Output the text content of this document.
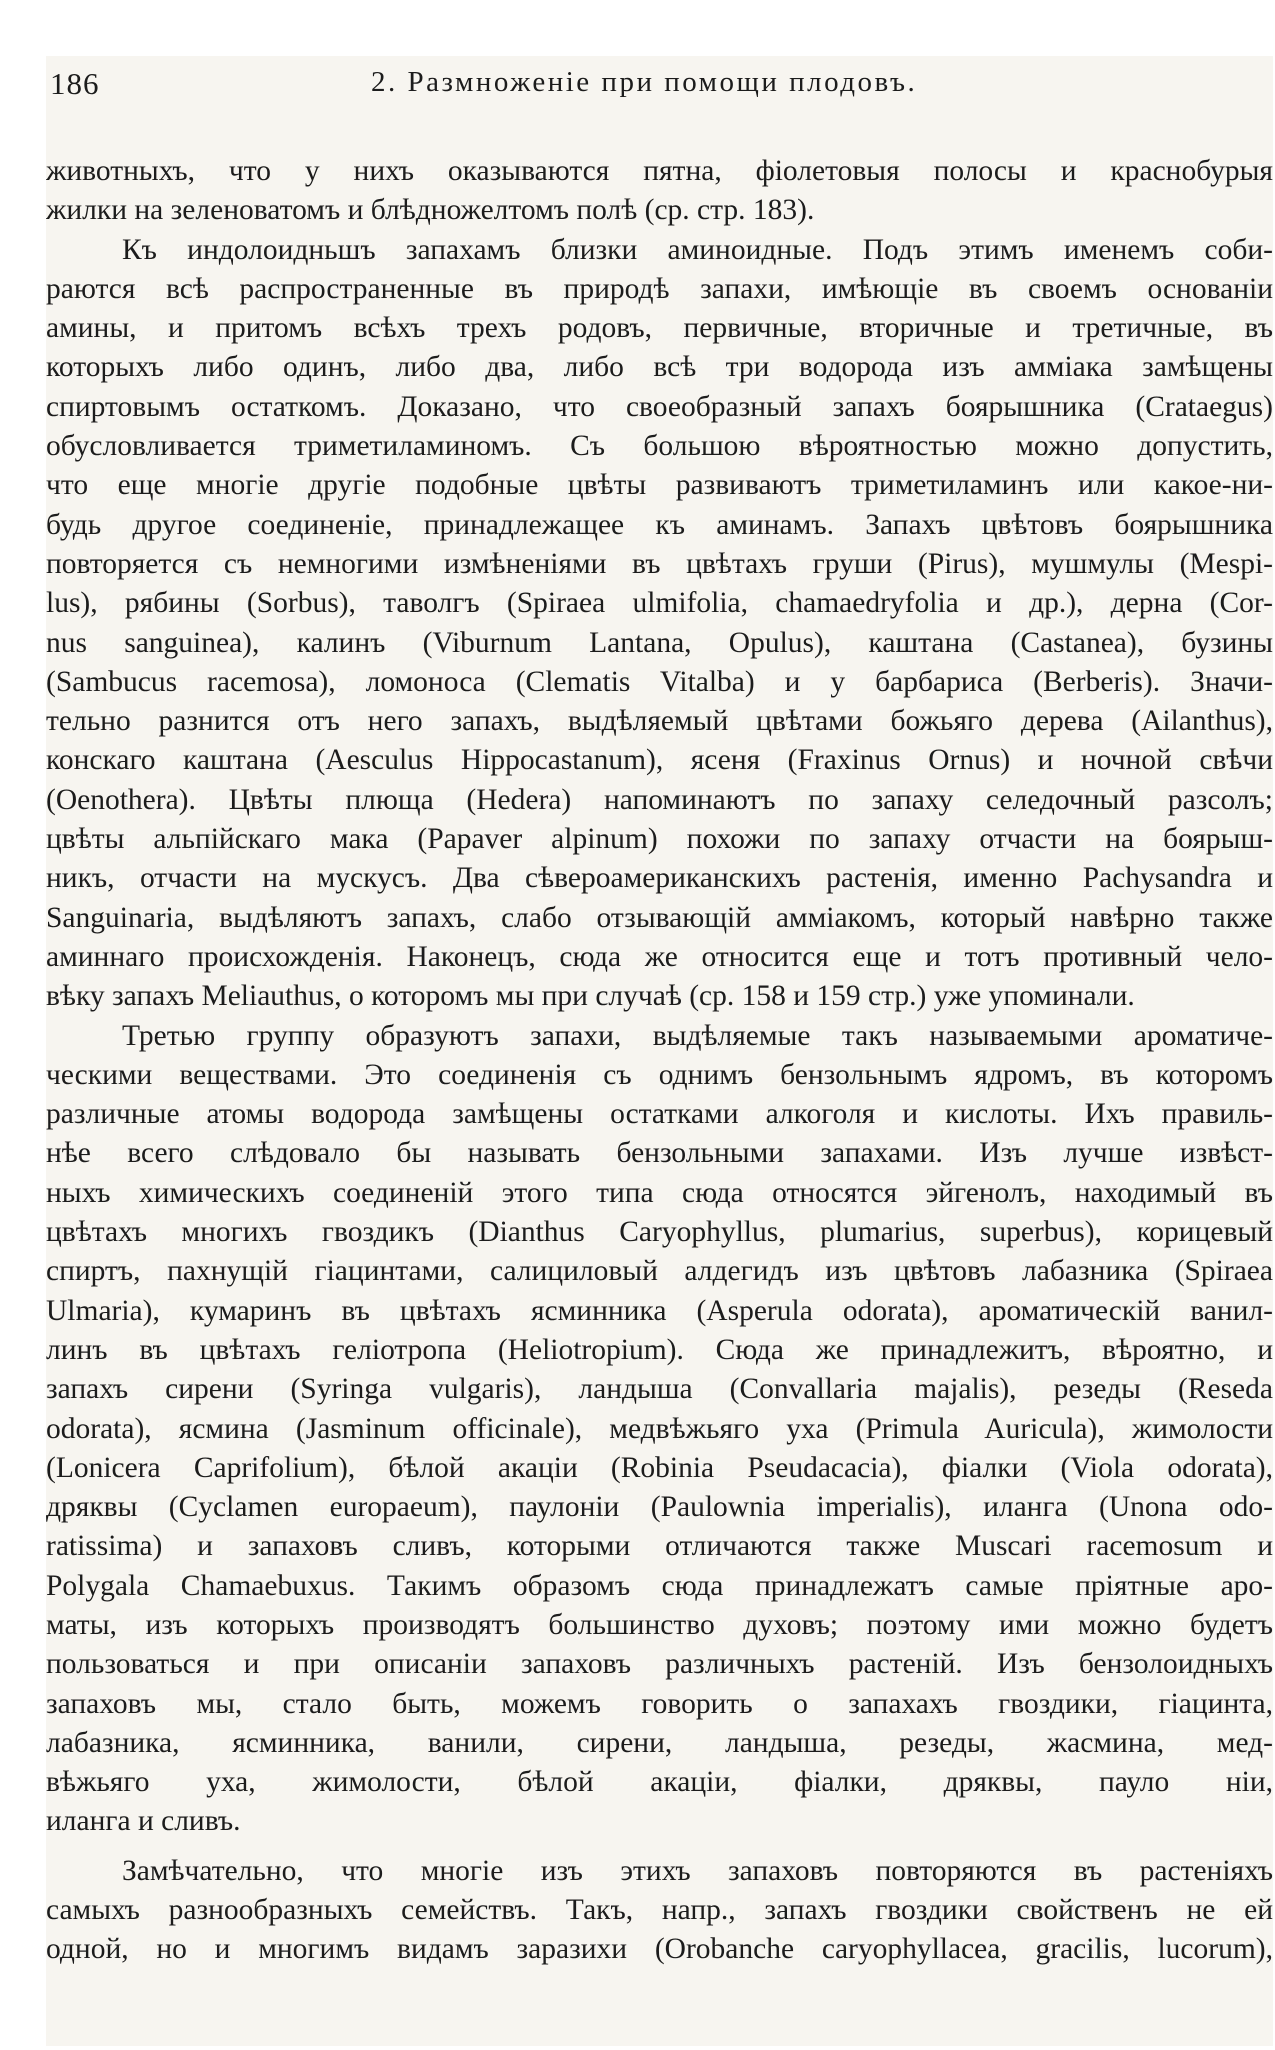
186	2. Размноженіе при помощи плодовъ.
животныхъ, что у нихъ оказываются пятна, фіолетовыя полосы и краснобурыя
жилки на зеленоватомъ и блѣдножелтомъ полѣ (ср. стр. 183).
Къ индолоидньшъ запахамъ близки аминоидные. Подъ этимъ именемъ соби-
раются всѣ распространенные въ природѣ запахи, имѣющіе въ своемъ основаніи
амины, и притомъ всѣхъ трехъ родовъ, первичные, вторичные и третичные, въ
которыхъ либо одинъ, либо два, либо всѣ три водорода изъ амміака замѣщены
спиртовымъ остаткомъ. Доказано, что своеобразный запахъ боярышника (Crataegus)
обусловливается триметиламиномъ. Съ большою вѣроятностью можно допустить,
что еще многіе другіе подобные цвѣты развиваютъ триметиламинъ или какое-ни-
будь другое соединеніе, принадлежащее къ аминамъ. Запахъ цвѣтовъ боярышника
повторяется съ немногими измѣненіями въ цвѣтахъ груши (Pirus), мушмулы (Mespi-
lus), рябины (Sorbus), таволгъ (Spiraea ulmifolia, chamaedryfolia и др.), дерна (Cor-
nus sanguinea), калинъ (Viburnum Lantana, Opulus), каштана (Castanea), бузины
(Sambucus racemosa), ломоноса (Clematis Vitalba) и у барбариса (Berberis). Значи-
тельно разнится отъ него запахъ, выдѣляемый цвѣтами божьяго дерева (Ailanthus),
конскаго каштана (Aesculus Hippocastanum), ясеня (Fraxinus Ornus) и ночной свѣчи
(Oenothera). Цвѣты плюща (Hedera) напоминаютъ по запаху селедочный разсолъ;
цвѣты альпійскаго мака (Papaver alpinum) похожи по запаху отчасти на боярыш-
никъ, отчасти на мускусъ. Два сѣвероамериканскихъ растенія, именно Pachysandra и
Sanguinaria, выдѣляютъ запахъ, слабо отзывающій амміакомъ, который навѣрно также
аминнаго происхожденія. Наконецъ, сюда же относится еще и тотъ противный чело-
вѣку запахъ Meliauthus, о которомъ мы при случаѣ (ср. 158 и 159 стр.) уже упоминали.
Третью группу образуютъ запахи, выдѣляемые такъ называемыми ароматиче-
ческими веществами. Это соединенія съ однимъ бензольнымъ ядромъ, въ которомъ
различные атомы водорода замѣщены остатками алкоголя и кислоты. Ихъ правиль-
нѣе всего слѣдовало бы называть бензольными запахами. Изъ лучше извѣст-
ныхъ химическихъ соединеній этого типа сюда относятся эйгенолъ, находимый въ
цвѣтахъ многихъ гвоздикъ (Dianthus Caryophyllus, plumarius, superbus), корицевый
спиртъ, пахнущій гіацинтами, салициловый алдегидъ изъ цвѣтовъ лабазника (Spiraea
Ulmaria), кумаринъ въ цвѣтахъ ясминника (Asperula odorata), ароматическій ванил-
линъ въ цвѣтахъ геліотропа (Heliotropium). Сюда же принадлежитъ, вѣроятно, и
запахъ сирени (Syringa vulgaris), ландыша (Convallaria majalis), резеды (Reseda
odorata), ясмина (Jasminum officinale), медвѣжьяго уха (Primula Auricula), жимолости
(Lonicera Caprifolium), бѣлой акаціи (Robinia Pseudacacia), фіалки (Viola odorata),
дряквы (Cyclamen europaeum), паулоніи (Paulownia imperialis), иланга (Unona odo-
ratissima) и запаховъ сливъ, которыми отличаются также Muscari racemosum и
Polygala Chamaebuxus. Такимъ образомъ сюда принадлежатъ самые пріятные аро-
маты, изъ которыхъ производятъ большинство духовъ; поэтому ими можно будетъ
пользоваться и при описаніи запаховъ различныхъ растеній. Изъ бензолоидныхъ
запаховъ мы, стало быть, можемъ говорить о запахахъ гвоздики, гіацинта,
лабазника, ясминника, ванили, сирени, ландыша, резеды, жасмина, мед-
вѣжьяго уха, жимолости, бѣлой акаціи, фіалки, дряквы, пауло ніи,
иланга и сливъ.
Замѣчательно, что многіе изъ этихъ запаховъ повторяются въ растеніяхъ
самыхъ разнообразныхъ семействъ. Такъ, напр., запахъ гвоздики свойственъ не ей
одной, но и многимъ видамъ заразихи (Orobanche caryophyllacea, gracilis, lucorum),
